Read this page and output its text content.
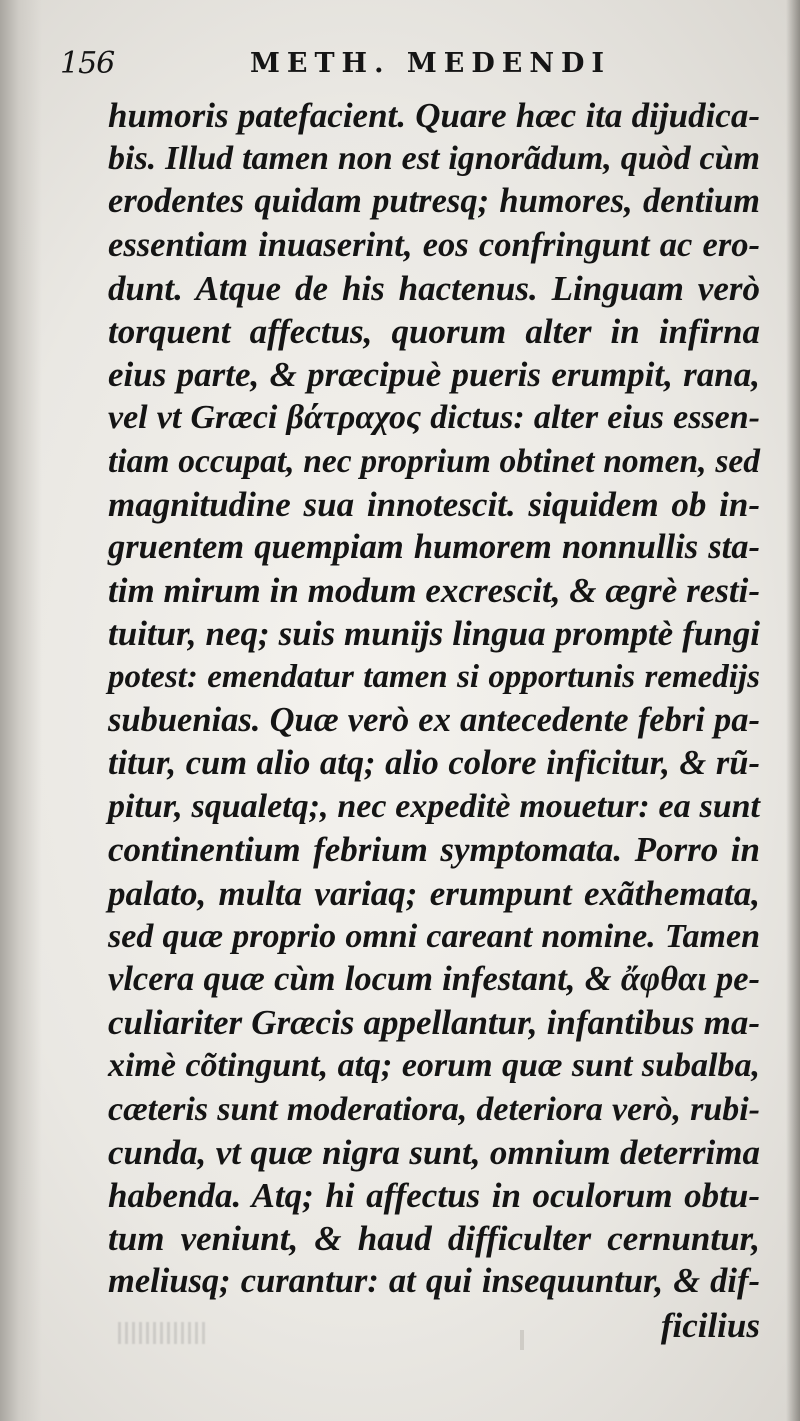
156	METH. MEDENDI
humoris patefacient. Quare hæc ita dijudica-
bis. Illud tamen non est ignorãdum, quòd cùm
erodentes quidam putresq; humores, dentium
essentiam inuaserint, eos confringunt ac ero-
dunt. Atque de his hactenus. Linguam verò
torquent affectus, quorum alter in infirna
eius parte, & præcipuè pueris erumpit, rana,
vel vt Græci βάτραχος dictus: alter eius essen-
tiam occupat, nec proprium obtinet nomen, sed
magnitudine sua innotescit. siquidem ob in-
gruentem quempiam humorem nonnullis sta-
tim mirum in modum excrescit, & ægrè resti-
tuitur, neq; suis munijs lingua promptè fungi
potest: emendatur tamen si opportunis remedijs
subuenias. Quæ verò ex antecedente febri pa-
titur, cum alio atq; alio colore inficitur, & rũ-
pitur, squaletq;, nec expeditè mouetur: ea sunt
continentium febrium symptomata. Porro in
palato, multa variaq; erumpunt exãthemata,
sed quæ proprio omni careant nomine. Tamen
vlcera quæ cùm locum infestant, & ἄφθαι pe-
culiariter Græcis appellantur, infantibus ma-
ximè cõtingunt, atq; eorum quæ sunt subalba,
cæteris sunt moderatiora, deteriora verò, rubi-
cunda, vt quæ nigra sunt, omnium deterrima
habenda. Atq; hi affectus in oculorum obtu-
tum veniunt, & haud difficulter cernuntur,
meliusq; curantur: at qui insequuntur, & dif-
ficilius
